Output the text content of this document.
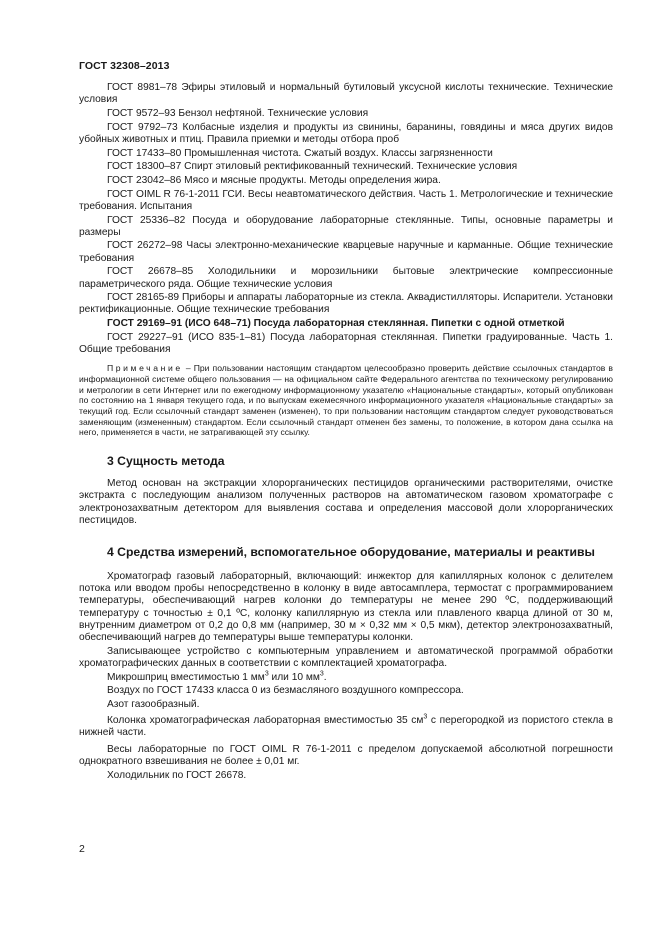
ГОСТ 32308–2013

ГОСТ 8981–78 Эфиры этиловый и нормальный бутиловый уксусной кислоты технические. Технические условия

ГОСТ 9572–93 Бензол нефтяной. Технические условия

ГОСТ 9792–73 Колбасные изделия и продукты из свинины, баранины, говядины и мяса других видов убойных животных и птиц. Правила приемки и методы отбора проб

ГОСТ 17433–80 Промышленная чистота. Сжатый воздух. Классы загрязненности

ГОСТ 18300–87 Спирт этиловый ректификованный технический. Технические условия

ГОСТ 23042–86 Мясо и мясные продукты. Методы определения жира.

ГОСТ OIML R 76-1-2011 ГСИ. Весы неавтоматического действия. Часть 1. Метрологические и технические требования. Испытания

ГОСТ 25336–82 Посуда и оборудование лабораторные стеклянные. Типы, основные параметры и размеры

ГОСТ 26272–98 Часы электронно-механические кварцевые наручные и карманные. Общие технические требования

ГОСТ 26678–85 Холодильники и морозильники бытовые электрические компрессионные параметрического ряда. Общие технические условия

ГОСТ 28165-89 Приборы и аппараты лабораторные из стекла. Аквадистилляторы. Испарители. Установки ректификационные. Общие технические требования

ГОСТ 29169–91 (ИСО 648–71) Посуда лабораторная стеклянная. Пипетки с одной отметкой

ГОСТ 29227–91 (ИСО 835-1–81) Посуда лабораторная стеклянная. Пипетки градуированные. Часть 1. Общие требования

Примечание – При пользовании настоящим стандартом целесообразно проверить действие ссылочных стандартов в информационной системе общего пользования — на официальном сайте Федерального агентства по техническому регулированию и метрологии в сети Интернет или по ежегодному информационному указателю «Национальные стандарты», который опубликован по состоянию на 1 января текущего года, и по выпускам ежемесячного информационного указателя «Национальные стандарты» за текущий год. Если ссылочный стандарт заменен (изменен), то при пользовании настоящим стандартом следует руководствоваться заменяющим (измененным) стандартом. Если ссылочный стандарт отменен без замены, то положение, в котором дана ссылка на него, применяется в части, не затрагивающей эту ссылку.

3 Сущность метода

Метод основан на экстракции хлорорганических пестицидов органическими растворителями, очистке экстракта с последующим анализом полученных растворов на автоматическом газовом хроматографе с электронозахватным детектором для выявления состава и определения массовой доли хлорорганических пестицидов.

4 Средства измерений, вспомогательное оборудование, материалы и реактивы

Хроматограф газовый лабораторный, включающий: инжектор для капиллярных колонок с делителем потока или вводом пробы непосредственно в колонку в виде автосамплера, термостат с программированием температуры, обеспечивающий нагрев колонки до температуры не менее 290 ºС, поддерживающий температуру с точностью ± 0,1 ºС, колонку капиллярную из стекла или плавленого кварца длиной от 30 м, внутренним диаметром от 0,2 до 0,8 мм (например, 30 м × 0,32 мм × 0,5 мкм), детектор электронозахватный, обеспечивающий нагрев до температуры выше температуры колонки.

Записывающее устройство с компьютерным управлением и автоматической программой обработки хроматографических данных в соответствии с комплектацией хроматографа.

Микрошприц вместимостью 1 $мм^3$ или 10 $мм^3$.

Воздух по ГОСТ 17433 класса 0 из безмасляного воздушного компрессора.

Азот газообразный.

Колонка хроматографическая лабораторная вместимостью 35 $см^3$ с перегородкой из пористого стекла в нижней части.

Весы лабораторные по ГОСТ OIML R 76-1-2011 с пределом допускаемой абсолютной погрешности однократного взвешивания не более ± 0,01 мг.

Холодильник по ГОСТ 26678.

2
